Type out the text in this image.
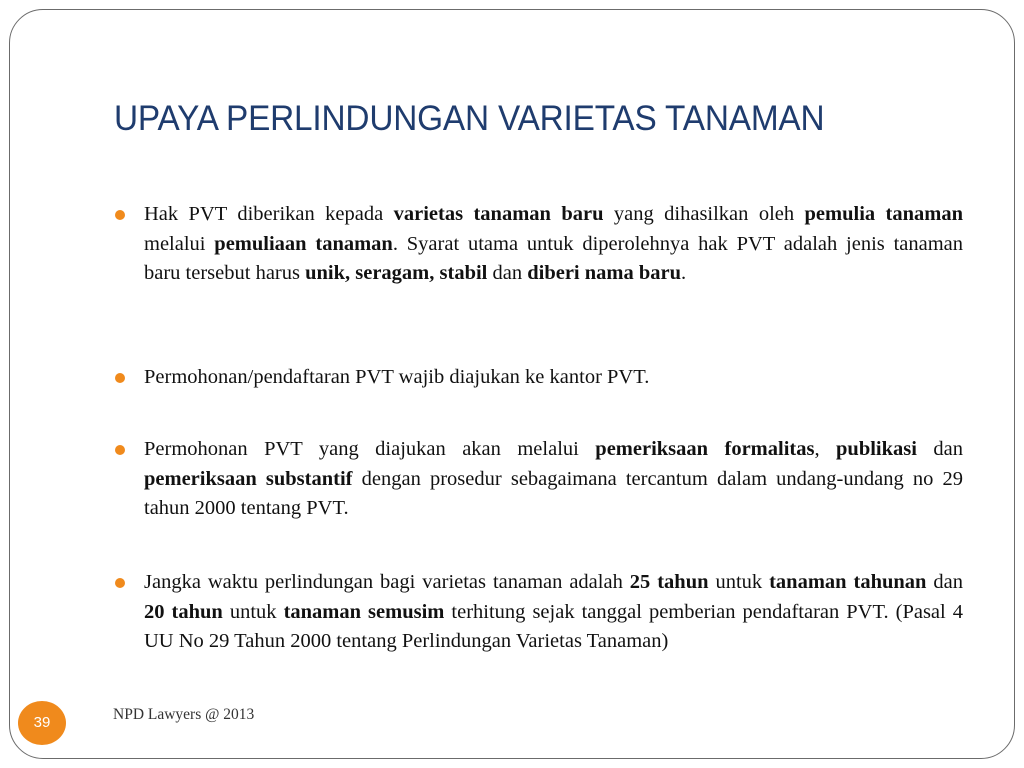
UPAYA PERLINDUNGAN VARIETAS TANAMAN
Hak PVT diberikan kepada varietas tanaman baru yang dihasilkan oleh pemulia tanaman melalui pemuliaan tanaman. Syarat utama untuk diperolehnya hak PVT adalah jenis tanaman baru tersebut harus unik, seragam, stabil dan diberi nama baru.
Permohonan/pendaftaran PVT wajib diajukan ke kantor PVT.
Permohonan PVT yang diajukan akan melalui pemeriksaan formalitas, publikasi dan pemeriksaan substantif dengan prosedur sebagaimana tercantum dalam undang-undang no 29 tahun 2000 tentang PVT.
Jangka waktu perlindungan bagi varietas tanaman adalah 25 tahun untuk tanaman tahunan dan 20 tahun untuk tanaman semusim terhitung sejak tanggal pemberian pendaftaran PVT. (Pasal 4 UU No 29 Tahun 2000 tentang Perlindungan Varietas Tanaman)
39	NPD Lawyers @ 2013
